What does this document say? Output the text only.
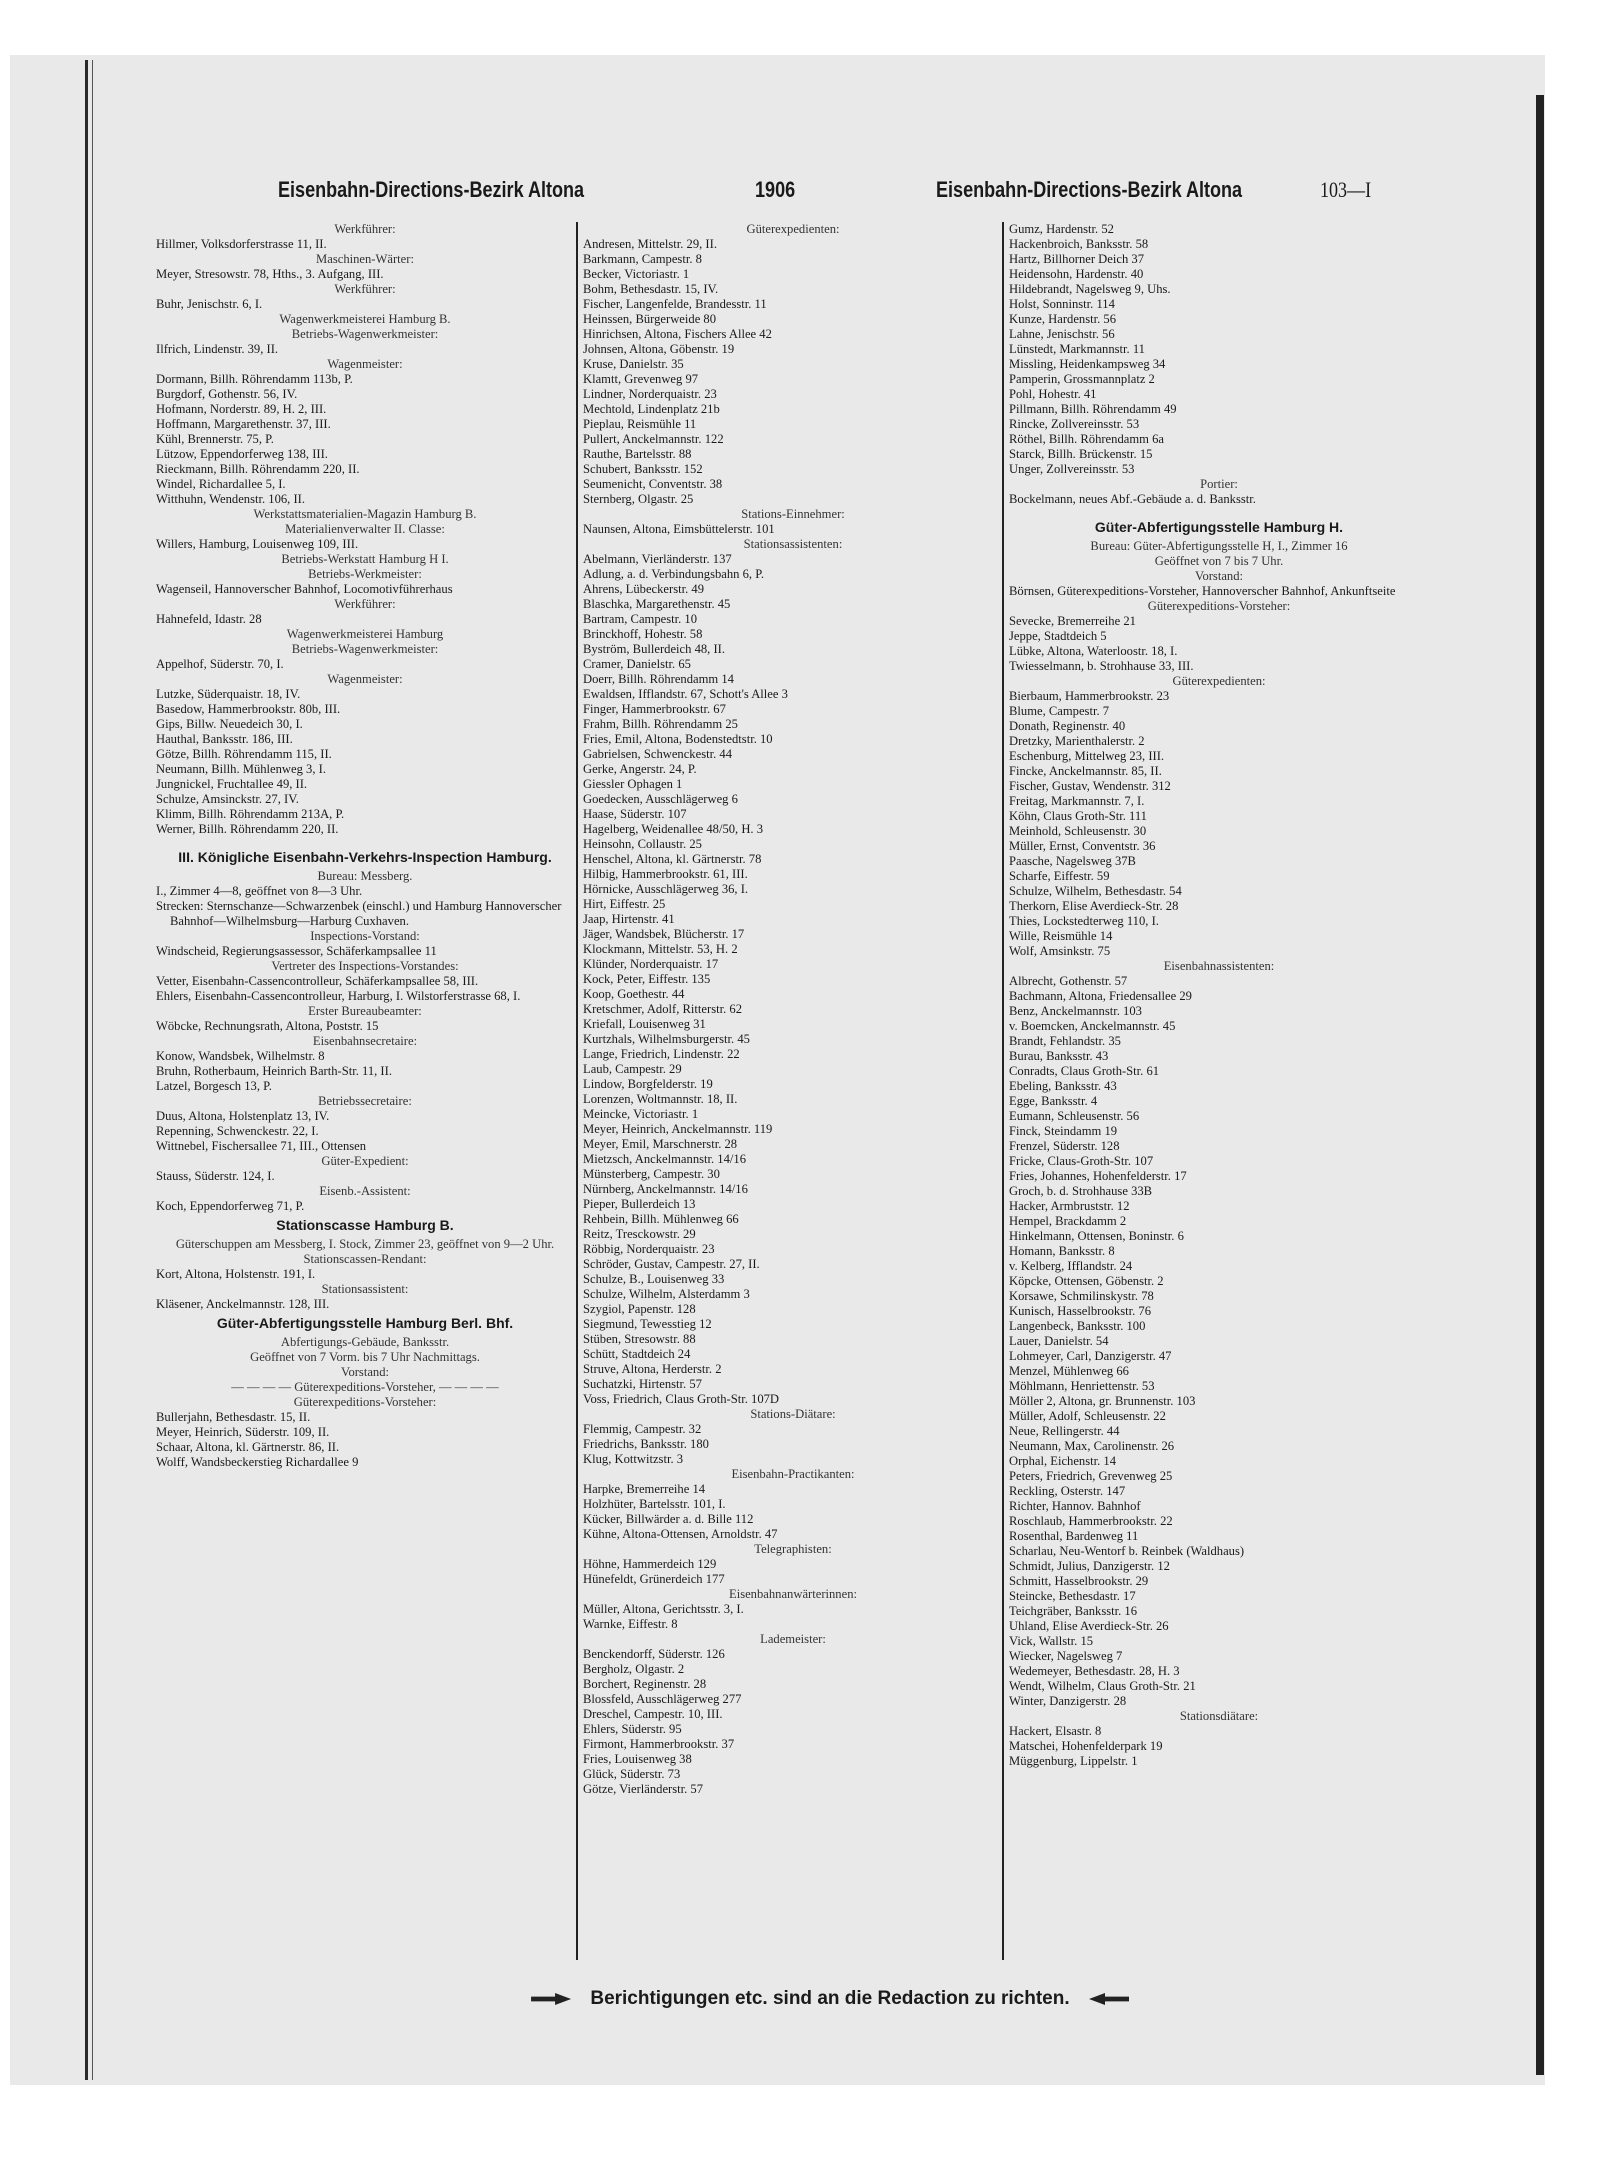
Eisenbahn-Directions-Bezirk Altona	1906	Eisenbahn-Directions-Bezirk Altona	103—I
Werkführer:
Hillmer, Volksdorferstrasse 11, II.
Maschinen-Wärter:
Meyer, Stresowstr. 78, Hths., 3. Aufgang, III.
Werkführer:
Buhr, Jenischstr. 6, I.
Wagenwerkmeisterei Hamburg B.
Betriebs-Wagenwerkmeister:
Ilfrich, Lindenstr. 39, II.
Wagenmeister:
Dormann, Billh. Röhrendamm 113b, P.
Burgdorf, Gothenstr. 56, IV.
Hofmann, Norderstr. 89, H. 2, III.
Hoffmann, Margarethenstr. 37, III.
Kühl, Brennerstr. 75, P.
Lützow, Eppendorferweg 138, III.
Rieckmann, Billh. Röhrendamm 220, II.
Windel, Richardallee 5, I.
Witthuhn, Wendenstr. 106, II.
Werkstattsmaterialien-Magazin Hamburg B.
Materialienverwalter II. Classe:
Willers, Hamburg, Louisenweg 109, III.
Betriebs-Werkstatt Hamburg H I.
Betriebs-Werkmeister:
Wagenseil, Hannoverscher Bahnhof, Locomotivführerhaus
Werkführer:
Hahnefeld, Idastr. 28
Wagenwerkmeisterei Hamburg
Betriebs-Wagenwerkmeister:
Appelhof, Süderstr. 70, I.
Wagenmeister:
Lutzke, Süderquaistr. 18, IV.
Basedow, Hammerbrookstr. 80b, III.
Gips, Billw. Neuedeich 30, I.
Hauthal, Banksstr. 186, III.
Götze, Billh. Röhrendamm 115, II.
Neumann, Billh. Mühlenweg 3, I.
Jungnickel, Fruchtallee 49, II.
Schulze, Amsinckstr. 27, IV.
Klimm, Billh. Röhrendamm 213A, P.
Werner, Billh. Röhrendamm 220, II.
III. Königliche Eisenbahn-Verkehrs-Inspection Hamburg.
Bureau: Messberg.
I., Zimmer 4—8, geöffnet von 8—3 Uhr.
Strecken: Sternschanze—Schwarzenbek (einschl.) und Hamburg Hannoverscher Bahnhof—Wilhelmsburg—Harburg Cuxhaven.
Inspections-Vorstand:
Windscheid, Regierungsassessor, Schäferkampsallee 11
Vertreter des Inspections-Vorstandes:
Vetter, Eisenbahn-Cassencontrolleur, Schäferkampsallee 58, III.
Ehlers, Eisenbahn-Cassencontrolleur, Harburg, I. Wilstorferstrasse 68, I.
Erster Bureaubeamter:
Wöbcke, Rechnungsrath, Altona, Poststr. 15
Eisenbahnsecretaire:
Konow, Wandsbek, Wilhelmstr. 8
Bruhn, Rotherbaum, Heinrich Barth-Str. 11, II.
Latzel, Borgesch 13, P.
Betriebssecretaire:
Duus, Altona, Holstenplatz 13, IV.
Repenning, Schwenckestr. 22, I.
Wittnebel, Fischersallee 71, III., Ottensen
Güter-Expedient:
Stauss, Süderstr. 124, I.
Eisenb.-Assistent:
Koch, Eppendorferweg 71, P.
Stationscasse Hamburg B.
Güterschuppen am Messberg, I. Stock, Zimmer 23, geöffnet von 9—2 Uhr.
Stationscassen-Rendant:
Kort, Altona, Holstenstr. 191, I.
Stationsassistent:
Kläsener, Anckelmannstr. 128, III.
Güter-Abfertigungsstelle Hamburg Berl. Bhf.
Abfertigungs-Gebäude, Banksstr.
Geöffnet von 7 Vorm. bis 7 Uhr Nachmittags.
Vorstand:
— — — — Güterexpeditions-Vorsteher, — — — —
Güterexpeditions-Vorsteher:
Bullerjahn, Bethesdastr. 15, II.
Meyer, Heinrich, Süderstr. 109, II.
Schaar, Altona, kl. Gärtnerstr. 86, II.
Wolff, Wandsbeckerstieg Richardallee 9
Güterexpedienten:
Andresen, Mittelstr. 29, II.
Barkmann, Campestr. 8
Becker, Victoriastr. 1
Bohm, Bethesdastr. 15, IV.
Fischer, Langenfelde, Brandesstr. 11
Heinssen, Bürgerweide 80
Hinrichsen, Altona, Fischers Allee 42
Johnsen, Altona, Göbenstr. 19
Kruse, Danielstr. 35
Klamtt, Grevenweg 97
Lindner, Norderquaistr. 23
Mechtold, Lindenplatz 21b
Pieplau, Reismühle 11
Pullert, Anckelmannstr. 122
Rauthe, Bartelsstr. 88
Schubert, Banksstr. 152
Seumenicht, Conventstr. 38
Sternberg, Olgastr. 25
Stations-Einnehmer:
Naunsen, Altona, Eimsbüttelerstr. 101
Stationsassistenten:
Abelmann, Vierländerstr. 137
Adlung, a. d. Verbindungsbahn 6, P.
Ahrens, Lübeckerstr. 49
Blaschka, Margarethenstr. 45
Bartram, Campestr. 10
Brinckhoff, Hohestr. 58
Byström, Bullerdeich 48, II.
Cramer, Danielstr. 65
Doerr, Billh. Röhrendamm 14
Ewaldsen, Ifflandstr. 67, Schott's Allee 3
Finger, Hammerbrookstr. 67
Frahm, Billh. Röhrendamm 25
Fries, Emil, Altona, Bodenstedtstr. 10
Gabrielsen, Schwenckestr. 44
Gerke, Angerstr. 24, P.
Giessler Ophagen 1
Goedecken, Ausschlägerweg 6
Haase, Süderstr. 107
Hagelberg, Weidenallee 48/50, H. 3
Heinsohn, Collaustr. 25
Henschel, Altona, kl. Gärtnerstr. 78
Hilbig, Hammerbrookstr. 61, III.
Hörnicke, Ausschlägerweg 36, I.
Hirt, Eiffestr. 25
Jaap, Hirtenstr. 41
Jäger, Wandsbek, Blücherstr. 17
Klockmann, Mittelstr. 53, H. 2
Klünder, Norderquaistr. 17
Kock, Peter, Eiffestr. 135
Koop, Goethestr. 44
Kretschmer, Adolf, Ritterstr. 62
Kriefall, Louisenweg 31
Kurtzhals, Wilhelmsburgerstr. 45
Lange, Friedrich, Lindenstr. 22
Laub, Campestr. 29
Lindow, Borgfelderstr. 19
Lorenzen, Woltmannstr. 18, II.
Meincke, Victoriastr. 1
Meyer, Heinrich, Anckelmannstr. 119
Meyer, Emil, Marschnerstr. 28
Mietzsch, Anckelmannstr. 14/16
Münsterberg, Campestr. 30
Nürnberg, Anckelmannstr. 14/16
Pieper, Bullerdeich 13
Rehbein, Billh. Mühlenweg 66
Reitz, Tresckowstr. 29
Röbbig, Norderquaistr. 23
Schröder, Gustav, Campestr. 27, II.
Schulze, B., Louisenweg 33
Schulze, Wilhelm, Alsterdamm 3
Szygiol, Papenstr. 128
Siegmund, Tewesstieg 12
Stüben, Stresowstr. 88
Schütt, Stadtdeich 24
Struve, Altona, Herderstr. 2
Suchatzki, Hirtenstr. 57
Voss, Friedrich, Claus Groth-Str. 107D
Stations-Diätare:
Flemmig, Campestr. 32
Friedrichs, Banksstr. 180
Klug, Kottwitzstr. 3
Eisenbahn-Practikanten:
Harpke, Bremerreihe 14
Holzhüter, Bartelsstr. 101, I.
Kücker, Billwärder a. d. Bille 112
Kühne, Altona-Ottensen, Arnoldstr. 47
Telegraphisten:
Höhne, Hammerdeich 129
Hünefeldt, Grünerdeich 177
Eisenbahnanwärterinnen:
Müller, Altona, Gerichtsstr. 3, I.
Warnke, Eiffestr. 8
Lademeister:
Benckendorff, Süderstr. 126
Bergholz, Olgastr. 2
Borchert, Reginenstr. 28
Blossfeld, Ausschlägerweg 277
Dreschel, Campestr. 10, III.
Ehlers, Süderstr. 95
Firmont, Hammerbrookstr. 37
Fries, Louisenweg 38
Glück, Süderstr. 73
Götze, Vierländerstr. 57
Gumz, Hardenstr. 52
Hackenbroich, Banksstr. 58
Hartz, Billhorner Deich 37
Heidensohn, Hardenstr. 40
Hildebrandt, Nagelsweg 9, Uhs.
Holst, Sonninstr. 114
Kunze, Hardenstr. 56
Lahne, Jenischstr. 56
Lünstedt, Markmannstr. 11
Missling, Heidenkampsweg 34
Pamperin, Grossmannplatz 2
Pohl, Hohestr. 41
Pillmann, Billh. Röhrendamm 49
Rincke, Zollvereinsstr. 53
Röthel, Billh. Röhrendamm 6a
Starck, Billh. Brückenstr. 15
Unger, Zollvereinsstr. 53
Portier:
Bockelmann, neues Abf.-Gebäude a. d. Banksstr.
Güter-Abfertigungsstelle Hamburg H.
Bureau: Güter-Abfertigungsstelle H, I., Zimmer 16
Geöffnet von 7 bis 7 Uhr.
Vorstand:
Börnsen, Güterexpeditions-Vorsteher, Hannoverscher Bahnhof, Ankunftseite
Güterexpeditions-Vorsteher:
Sevecke, Bremerreihe 21
Jeppe, Stadtdeich 5
Lübke, Altona, Waterloostr. 18, I.
Twiesselmann, b. Strohhause 33, III.
Güterexpedienten:
Bierbaum, Hammerbrookstr. 23
Blume, Campestr. 7
Donath, Reginenstr. 40
Dretzky, Marienthalerstr. 2
Eschenburg, Mittelweg 23, III.
Fincke, Anckelmannstr. 85, II.
Fischer, Gustav, Wendenstr. 312
Freitag, Markmannstr. 7, I.
Köhn, Claus Groth-Str. 111
Meinhold, Schleusenstr. 30
Müller, Ernst, Conventstr. 36
Paasche, Nagelsweg 37B
Scharfe, Eiffestr. 59
Schulze, Wilhelm, Bethesdastr. 54
Therkorn, Elise Averdieck-Str. 28
Thies, Lockstedterweg 110, I.
Wille, Reismühle 14
Wolf, Amsinkstr. 75
Eisenbahnassistenten:
Albrecht, Gothenstr. 57
Bachmann, Altona, Friedensallee 29
Benz, Anckelmannstr. 103
v. Boemcken, Anckelmannstr. 45
Brandt, Fehlandstr. 35
Burau, Banksstr. 43
Conradts, Claus Groth-Str. 61
Ebeling, Banksstr. 43
Egge, Banksstr. 4
Eumann, Schleusenstr. 56
Finck, Steindamm 19
Frenzel, Süderstr. 128
Fricke, Claus-Groth-Str. 107
Fries, Johannes, Hohenfelderstr. 17
Groch, b. d. Strohhause 33B
Hacker, Armbruststr. 12
Hempel, Brackdamm 2
Hinkelmann, Ottensen, Boninstr. 6
Homann, Banksstr. 8
v. Kelberg, Ifflandstr. 24
Köpcke, Ottensen, Göbenstr. 2
Korsawe, Schmilinskystr. 78
Kunisch, Hasselbrookstr. 76
Langenbeck, Banksstr. 100
Lauer, Danielstr. 54
Lohmeyer, Carl, Danzigerstr. 47
Menzel, Mühlenweg 66
Möhlmann, Henriettenstr. 53
Möller 2, Altona, gr. Brunnenstr. 103
Müller, Adolf, Schleusenstr. 22
Neue, Rellingerstr. 44
Neumann, Max, Carolinenstr. 26
Orphal, Eichenstr. 14
Peters, Friedrich, Grevenweg 25
Reckling, Osterstr. 147
Richter, Hannov. Bahnhof
Roschlaub, Hammerbrookstr. 22
Rosenthal, Bardenweg 11
Scharlau, Neu-Wentorf b. Reinbek (Waldhaus)
Schmidt, Julius, Danzigerstr. 12
Schmitt, Hasselbrookstr. 29
Steincke, Bethesdastr. 17
Teichgräber, Banksstr. 16
Uhland, Elise Averdieck-Str. 26
Vick, Wallstr. 15
Wiecker, Nagelsweg 7
Wedemeyer, Bethesdastr. 28, H. 3
Wendt, Wilhelm, Claus Groth-Str. 21
Winter, Danzigerstr. 28
Stationsdiätare:
Hackert, Elsastr. 8
Matschei, Hohenfelderpark 19
Müggenburg, Lippelstr. 1
Berichtigungen etc. sind an die Redaction zu richten.
